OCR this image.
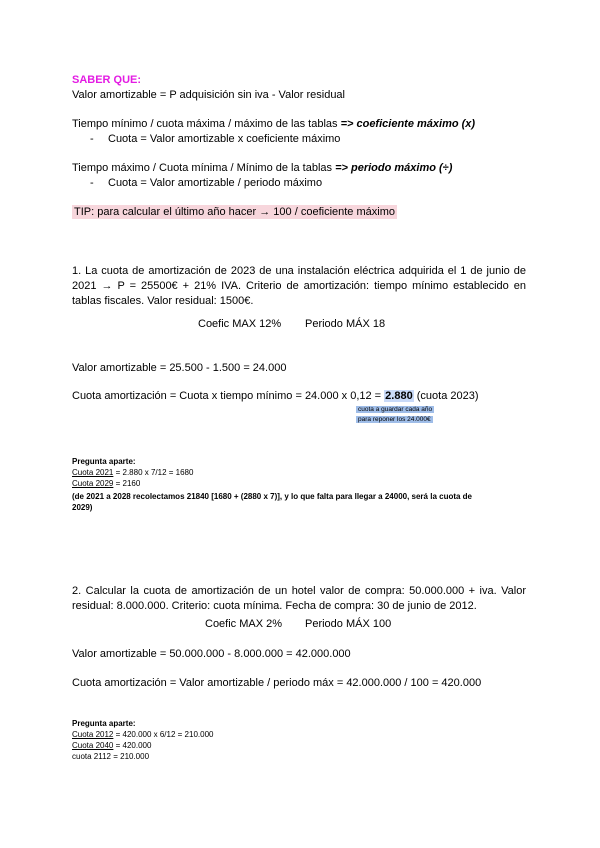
SABER QUE:
Valor amortizable = P adquisición sin iva - Valor residual
Tiempo mínimo / cuota máxima / máximo de las tablas => coeficiente máximo (x)
- Cuota = Valor amortizable x coeficiente máximo
Tiempo máximo / Cuota mínima / Mínimo de la tablas => periodo máximo (÷)
- Cuota = Valor amortizable / periodo máximo
TIP: para calcular el último año hacer → 100 / coeficiente máximo
1. La cuota de amortización de 2023 de una instalación eléctrica adquirida el 1 de junio de
2021 → P = 25500€ + 21% IVA. Criterio de amortización: tiempo mínimo establecido en
tablas fiscales. Valor residual: 1500€.
Coefic MAX 12% Periodo MÁX 18
Valor amortizable = 25.500 - 1.500 = 24.000
Cuota amortización = Cuota x tiempo mínimo = 24.000 x 0,12 = 2.880 (cuota 2023)
cuota a guardar cada año
para reponer los 24.000€
Pregunta aparte:
Cuota 2021 = 2.880 x 7/12 = 1680
Cuota 2029 = 2160
(de 2021 a 2028 recolectamos 21840 [1680 + (2880 x 7)], y lo que falta para llegar a 24000, será la cuota de
2029)
2. Calcular la cuota de amortización de un hotel valor de compra: 50.000.000 + iva. Valor
residual: 8.000.000. Criterio: cuota mínima. Fecha de compra: 30 de junio de 2012.
Coefic MAX 2% Periodo MÁX 100
Valor amortizable = 50.000.000 - 8.000.000 = 42.000.000
Cuota amortización = Valor amortizable / periodo máx = 42.000.000 / 100 = 420.000
Pregunta aparte:
Cuota 2012 = 420.000 x 6/12 = 210.000
Cuota 2040 = 420.000
cuota 2112 = 210.000
